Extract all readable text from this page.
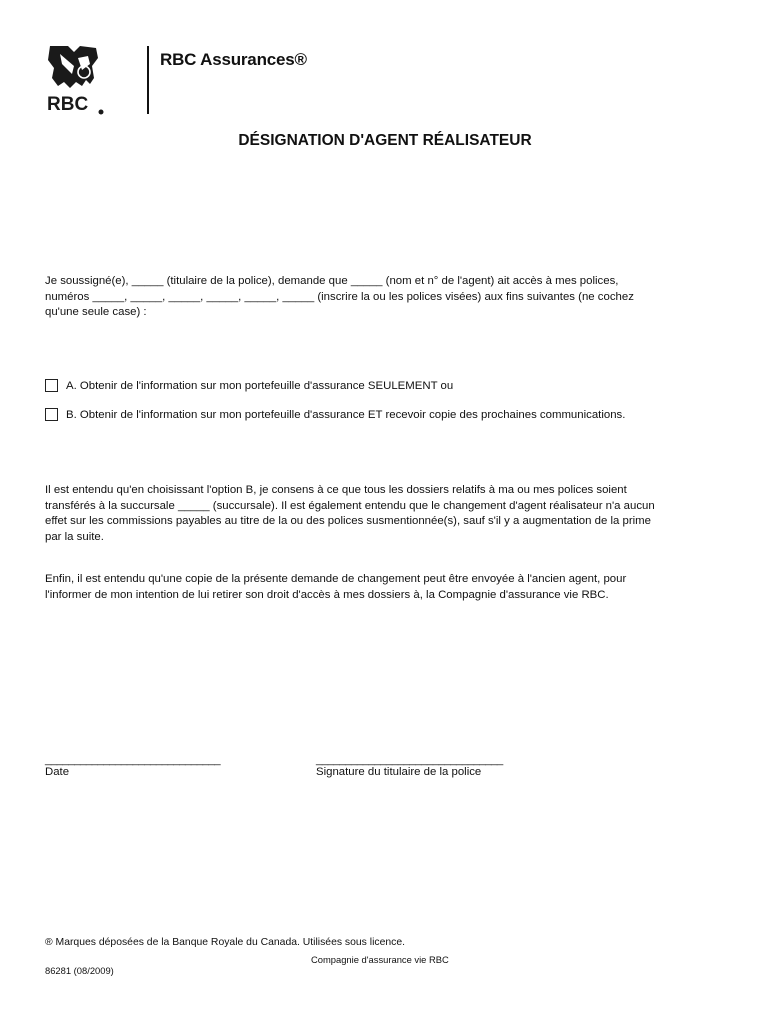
RBC
RBC Assurances®
DÉSIGNATION D'AGENT RÉALISATEUR
Je soussigné(e), _____ (titulaire de la police), demande que _____ (nom et n° de l'agent) ait accès à mes polices,
numéros _____, _____, _____, _____, _____, _____ (inscrire la ou les polices visées) aux fins suivantes (ne cochez
qu'une seule case) :
A. Obtenir de l'information sur mon portefeuille d'assurance SEULEMENT ou
B. Obtenir de l'information sur mon portefeuille d'assurance ET recevoir copie des prochaines communications.
Il est entendu qu'en choisissant l'option B, je consens à ce que tous les dossiers relatifs à ma ou mes polices soient
transférés à la succursale _____ (succursale). Il est également entendu que le changement d'agent réalisateur n'a aucun
effet sur les commissions payables au titre de la ou des polices susmentionnée(s), sauf s'il y a augmentation de la prime
par la suite.
Enfin, il est entendu qu'une copie de la présente demande de changement peut être envoyée à l'ancien agent, pour
l'informer de mon intention de lui retirer son droit d'accès à mes dossiers à, la Compagnie d'assurance vie RBC.
______________________________	________________________________
Date	Signature du titulaire de la police
® Marques déposées de la Banque Royale du Canada. Utilisées sous licence.
Compagnie d'assurance vie RBC
86281 (08/2009)
